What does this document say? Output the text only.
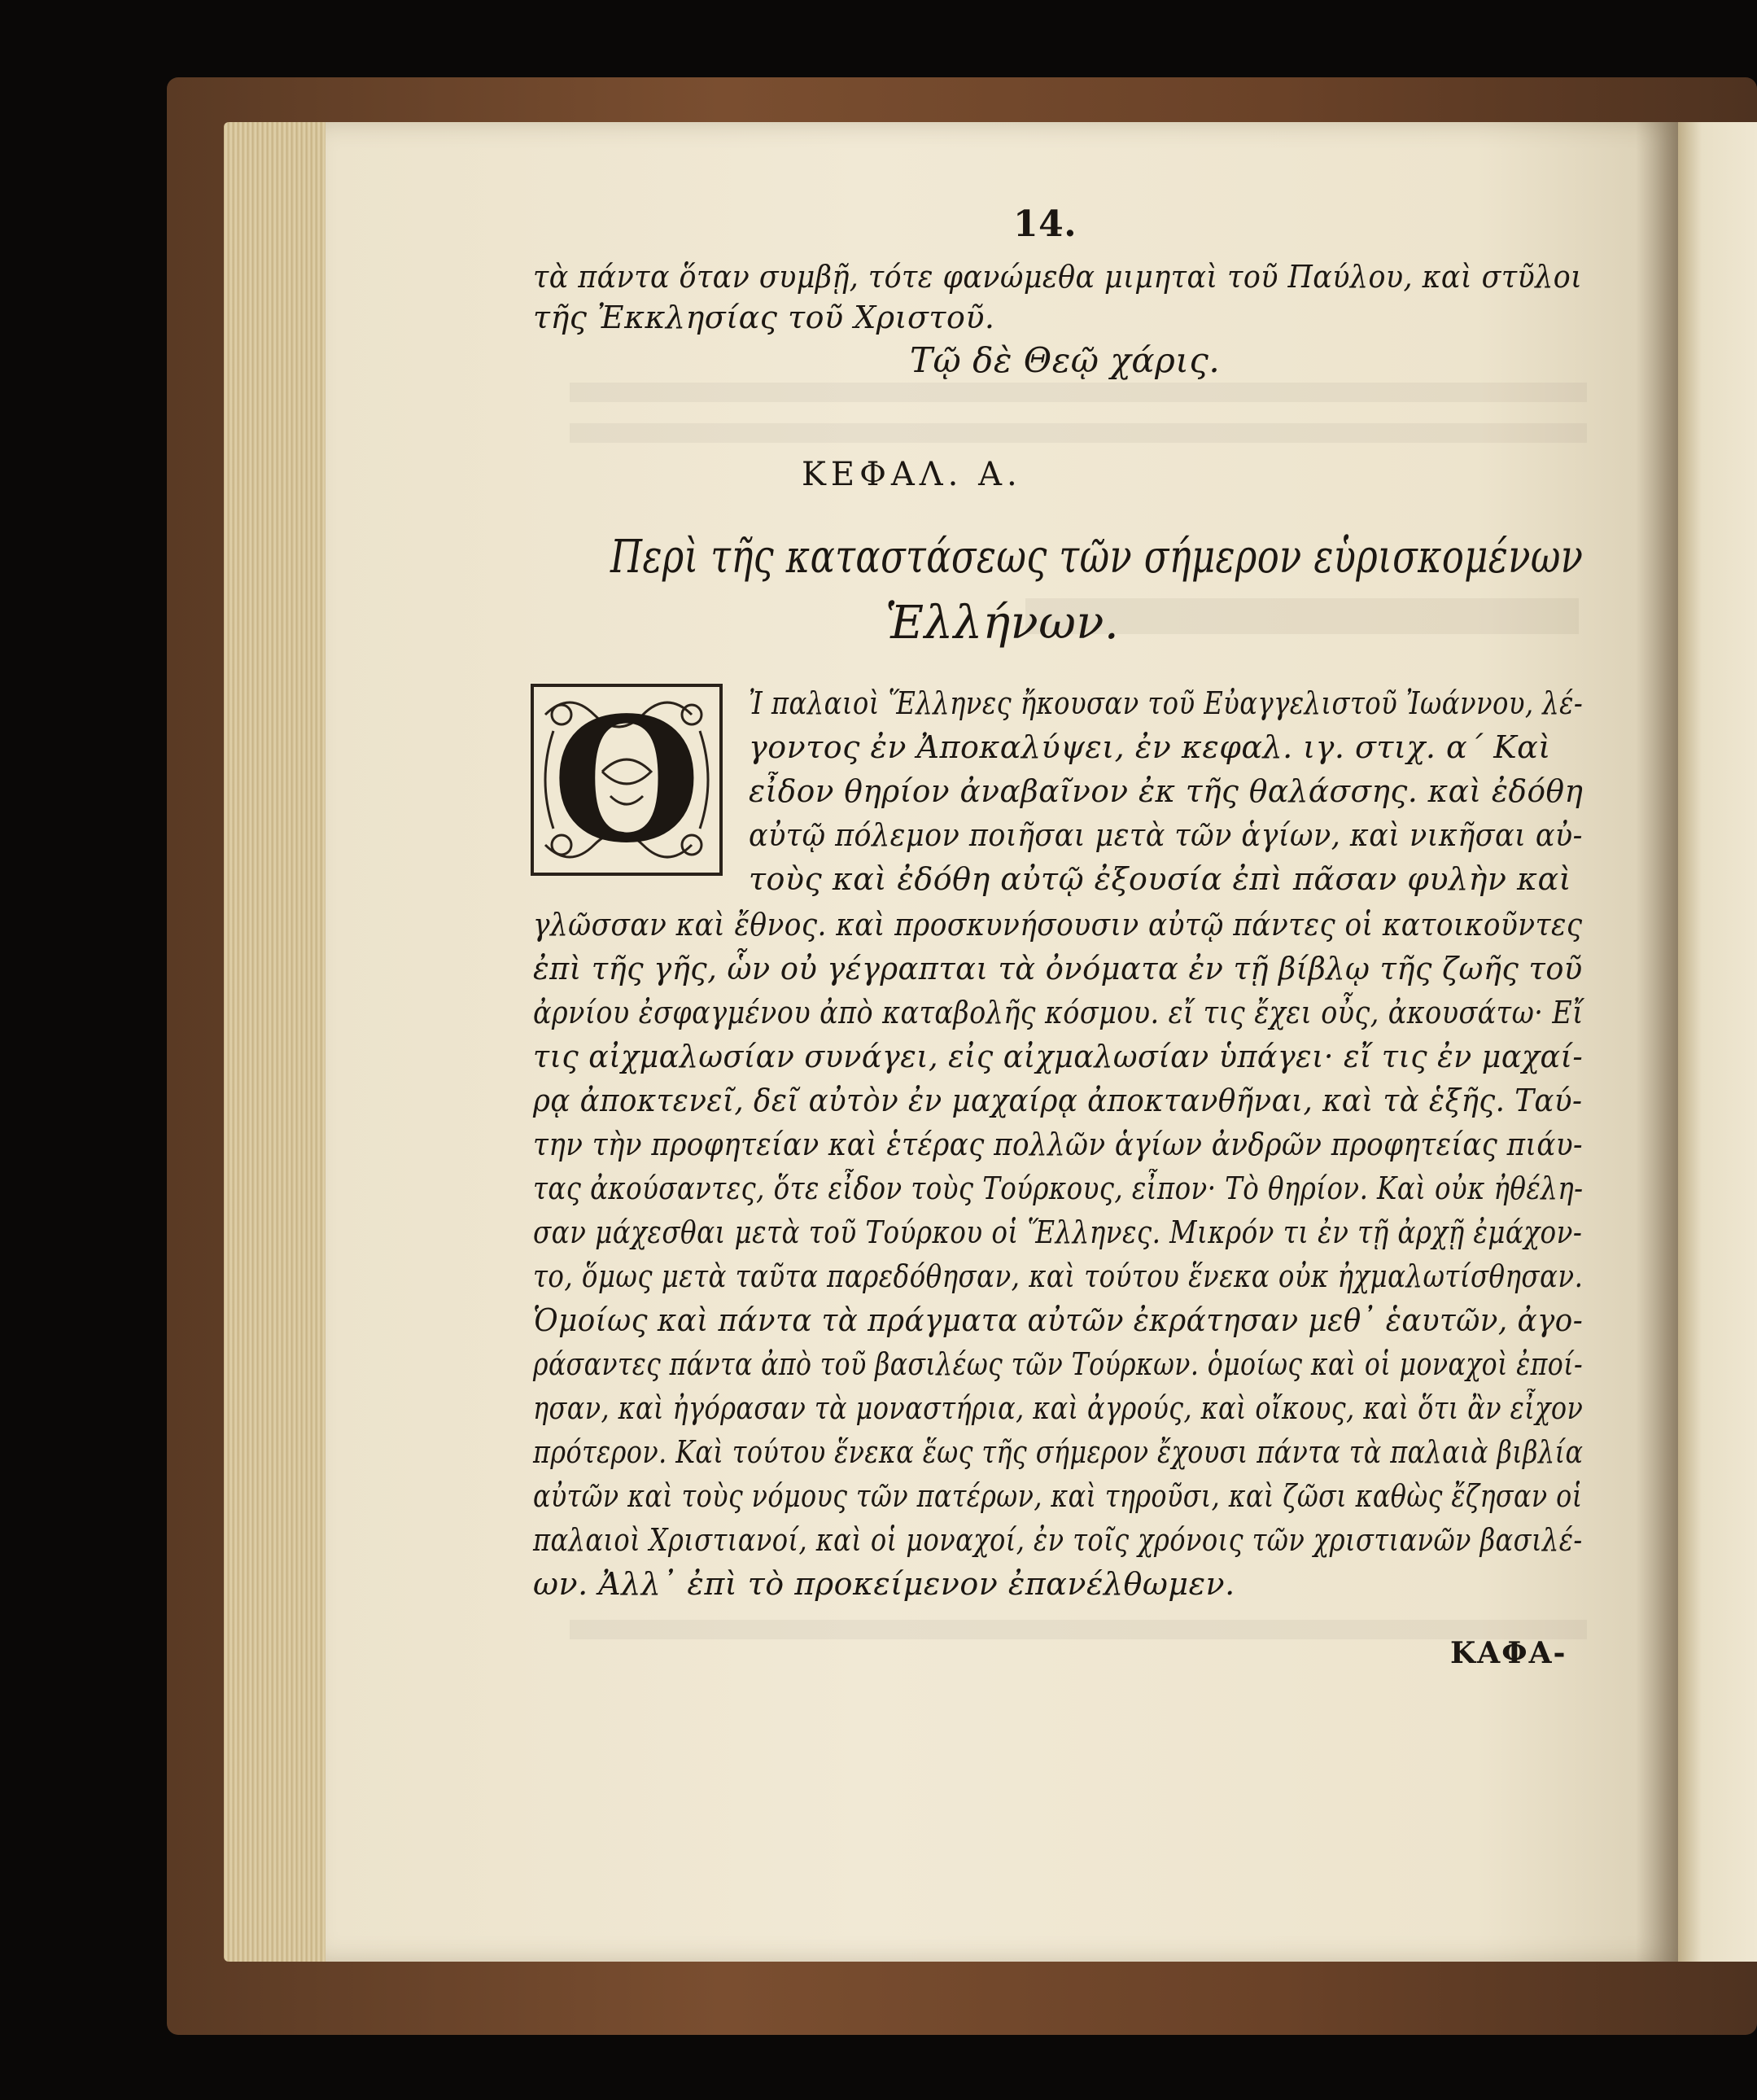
14.
τὰ πάντα ὅταν συμβῇ, τότε φανώμεθα μιμηταὶ τοῦ Παύλου, καὶ στῦλοι
τῆς Ἐκκλησίας τοῦ Χριστοῦ.
Τῷ δὲ Θεῷ χάρις.
ΚΕΦΑΛ. Α.
Περὶ τῆς καταστάσεως τῶν σήμερον εὑρισκομένων
Ἑλλήνων.
O	Ἰ παλαιοὶ Ἕλληνες ἤκουσαν τοῦ Εὐαγγελιστοῦ Ἰωάννου, λέ-
γοντος ἐν Ἀποκαλύψει, ἐν κεφαλ. ιγ. στιχ. α΄ Καὶ
εἶδον θηρίον ἀναβαῖνον ἐκ τῆς θαλάσσης. καὶ ἐδόθη
αὐτῷ πόλεμον ποιῆσαι μετὰ τῶν ἁγίων, καὶ νικῆσαι αὐ-
τοὺς καὶ ἐδόθη αὐτῷ ἐξουσία ἐπὶ πᾶσαν φυλὴν καὶ
γλῶσσαν καὶ ἔθνος. καὶ προσκυνήσουσιν αὐτῷ πάντες οἱ κατοικοῦντες
ἐπὶ τῆς γῆς, ὧν οὐ γέγραπται τὰ ὀνόματα ἐν τῇ βίβλῳ τῆς ζωῆς τοῦ
ἀρνίου ἐσφαγμένου ἀπὸ καταβολῆς κόσμου. εἴ τις ἔχει οὖς, ἀκουσάτω· Εἴ
τις αἰχμαλωσίαν συνάγει, εἰς αἰχμαλωσίαν ὑπάγει· εἴ τις ἐν μαχαί-
ρᾳ ἀποκτενεῖ, δεῖ αὐτὸν ἐν μαχαίρᾳ ἀποκτανθῆναι, καὶ τὰ ἑξῆς. Ταύ-
την τὴν προφητείαν καὶ ἑτέρας πολλῶν ἁγίων ἀνδρῶν προφητείας πιάυ-
τας ἀκούσαντες, ὅτε εἶδον τοὺς Τούρκους, εἶπον· Τὸ θηρίον. Καὶ οὐκ ἠθέλη-
σαν μάχεσθαι μετὰ τοῦ Τούρκου οἱ Ἕλληνες. Μικρόν τι ἐν τῇ ἀρχῇ ἐμάχον-
το, ὅμως μετὰ ταῦτα παρεδόθησαν, καὶ τούτου ἕνεκα οὐκ ἠχμαλωτίσθησαν.
Ὁμοίως καὶ πάντα τὰ πράγματα αὐτῶν ἐκράτησαν μεθ᾽ ἑαυτῶν, ἀγο-
ράσαντες πάντα ἀπὸ τοῦ βασιλέως τῶν Τούρκων. ὁμοίως καὶ οἱ μοναχοὶ ἐποί-
ησαν, καὶ ἠγόρασαν τὰ μοναστήρια, καὶ ἀγρούς, καὶ οἴκους, καὶ ὅτι ἂν εἶχον
πρότερον. Καὶ τούτου ἕνεκα ἕως τῆς σήμερον ἔχουσι πάντα τὰ παλαιὰ βιβλία
αὐτῶν καὶ τοὺς νόμους τῶν πατέρων, καὶ τηροῦσι, καὶ ζῶσι καθὼς ἔζησαν οἱ
παλαιοὶ Χριστιανοί, καὶ οἱ μοναχοί, ἐν τοῖς χρόνοις τῶν χριστιανῶν βασιλέ-
ων. Ἀλλ᾽ ἐπὶ τὸ προκείμενον ἐπανέλθωμεν.
ΚΑΦΑ-
